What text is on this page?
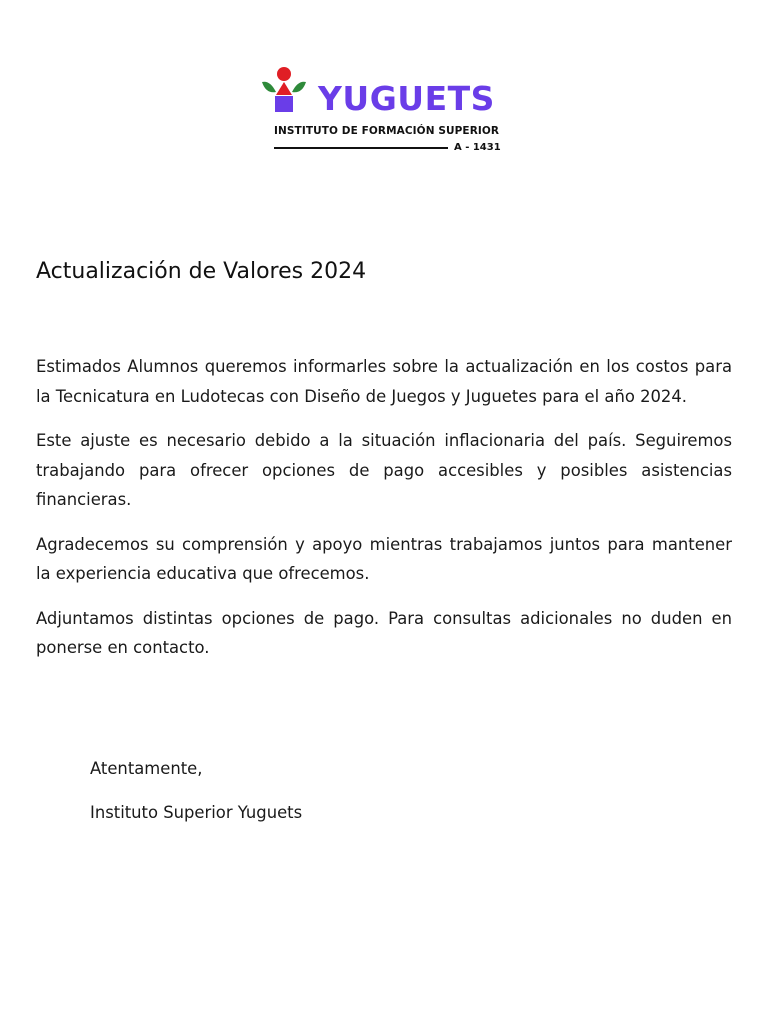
YUGUETS
INSTITUTO DE FORMACIÓN SUPERIOR
A - 1431
Actualización de Valores 2024

Estimados Alumnos queremos informarles sobre la actualización en los costos para la Tecnicatura en Ludotecas con Diseño de Juegos y Juguetes para el año 2024.

Este ajuste es necesario debido a la situación inflacionaria del país. Seguiremos trabajando para ofrecer opciones de pago accesibles y posibles asistencias financieras.

Agradecemos su comprensión y apoyo mientras trabajamos juntos para mantener la experiencia educativa que ofrecemos.

Adjuntamos distintas opciones de pago. Para consultas adicionales no duden en ponerse en contacto.

Atentamente,

Instituto Superior Yuguets
